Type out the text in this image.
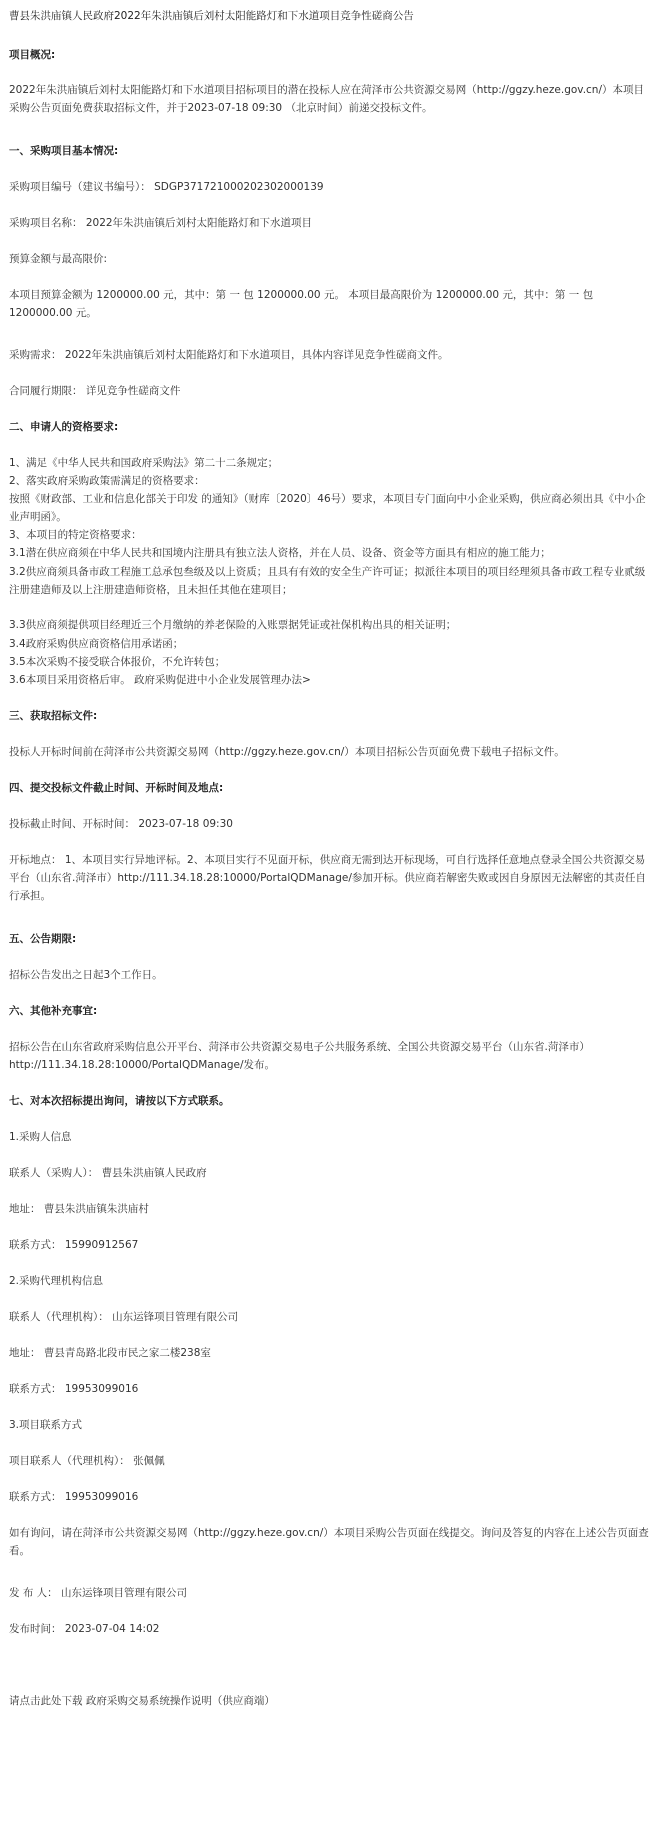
曹县朱洪庙镇人民政府2022年朱洪庙镇后刘村太阳能路灯和下水道项目竞争性磋商公告
项目概况:
2022年朱洪庙镇后刘村太阳能路灯和下水道项目招标项目的潜在投标人应在菏泽市公共资源交易网（http://ggzy.heze.gov.cn/）本项目采购公告页面免费获取招标文件，并于2023-07-18 09:30 （北京时间）前递交投标文件。
一、采购项目基本情况:
采购项目编号（建议书编号）： SDGP371721000202302000139
采购项目名称： 2022年朱洪庙镇后刘村太阳能路灯和下水道项目
预算金额与最高限价:
本项目预算金额为 1200000.00 元，其中：第 一 包 1200000.00 元。 本项目最高限价为 1200000.00 元，其中：第 一 包 1200000.00 元。
采购需求： 2022年朱洪庙镇后刘村太阳能路灯和下水道项目，具体内容详见竞争性磋商文件。
合同履行期限： 详见竞争性磋商文件
二、申请人的资格要求:
1、满足《中华人民共和国政府采购法》第二十二条规定；
2、落实政府采购政策需满足的资格要求：
按照《财政部、工业和信息化部关于印发 的通知》（财库〔2020〕46号）要求，本项目专门面向中小企业采购，供应商必须出具《中小企业声明函》。
3、本项目的特定资格要求：
3.1潜在供应商须在中华人民共和国境内注册具有独立法人资格，并在人员、设备、资金等方面具有相应的施工能力；
3.2供应商须具备市政工程施工总承包叁级及以上资质；且具有有效的安全生产许可证；拟派往本项目的项目经理须具备市政工程专业贰级注册建造师及以上注册建造师资格，且未担任其他在建项目；
3.3供应商须提供项目经理近三个月缴纳的养老保险的入账票据凭证或社保机构出具的相关证明；
3.4政府采购供应商资格信用承诺函；
3.5本次采购不接受联合体报价，不允许转包；
3.6本项目采用资格后审。 政府采购促进中小企业发展管理办法>
三、获取招标文件:
投标人开标时间前在菏泽市公共资源交易网（http://ggzy.heze.gov.cn/）本项目招标公告页面免费下载电子招标文件。
四、提交投标文件截止时间、开标时间及地点:
投标截止时间、开标时间： 2023-07-18 09:30
开标地点： 1、本项目实行异地评标。2、本项目实行不见面开标，供应商无需到达开标现场，可自行选择任意地点登录全国公共资源交易平台（山东省.菏泽市）http://111.34.18.28:10000/PortalQDManage/参加开标。供应商若解密失败或因自身原因无法解密的其责任自行承担。
五、公告期限:
招标公告发出之日起3个工作日。
六、其他补充事宜:
招标公告在山东省政府采购信息公开平台、菏泽市公共资源交易电子公共服务系统、全国公共资源交易平台（山东省.菏泽市）http://111.34.18.28:10000/PortalQDManage/发布。
七、对本次招标提出询问，请按以下方式联系。
1.采购人信息
联系人（采购人）： 曹县朱洪庙镇人民政府
地址： 曹县朱洪庙镇朱洪庙村
联系方式： 15990912567
2.采购代理机构信息
联系人（代理机构）： 山东运锋项目管理有限公司
地址： 曹县青岛路北段市民之家二楼238室
联系方式： 19953099016
3.项目联系方式
项目联系人（代理机构）： 张佩佩
联系方式： 19953099016
如有询问，请在菏泽市公共资源交易网（http://ggzy.heze.gov.cn/）本项目采购公告页面在线提交。询问及答复的内容在上述公告页面查看。
发 布 人： 山东运锋项目管理有限公司
发布时间： 2023-07-04 14:02
请点击此处下载 政府采购交易系统操作说明（供应商端）
